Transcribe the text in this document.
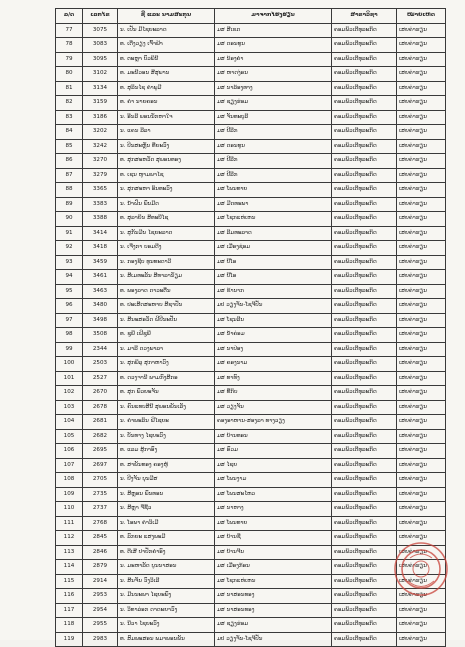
ລ/ດ	ເລກໄຂ	ຊື່ ແລະ ນາມສະກຸນ	ມາຈາກໄຮງຮຽນ	ສາຂາວິຊາ	ໝາຍເຫດ
77	3075	ນ. ເປັນ ມີໄຊຍະລາດ	ມສ ສີເຂດ	ຄອມພິວເຕີທຸລະກິດ	ເສຍຄ່າຮຽນ
78	3083	ທ. ເຕີ່ງວຽງ ເຈົ້າຟ້າ	ມສ ດອນທູນ	ຄອມພິວເຕີທຸລະກິດ	ເສຍຄ່າຮຽນ
79	3095	ທ. ຕະຫຼາ ບົວພິນີ	ມສ ນ້ອງຄຳ	ຄອມພິວເຕີທຸລະກິດ	ເສຍຄ່າຮຽນ
80	3102	ທ. ມະນີວອນ ສີສຸພານ	ມສ ຫາດງ່ອນ	ຄອມພິວເຕີທຸລະກິດ	ເສຍຄ່າຮຽນ
81	3134	ທ. ສຸລິນໄຊ ຄຳພູມີ	ມສ ນາລ້ອງທາງ	ຄອມພິວເຕີທຸລະກິດ	ເສຍຄ່າຮຽນ
82	3159	ທ. ຄຳ ນາຍຄອນ	ມສ ຊຽງຮ່ອມ	ຄອມພິວເຕີທຸລະກິດ	ເສຍຄ່າຮຽນ
83	3186	ນ. ອີນລີ ພອນນັກຫາໃຈ	ມສ ຈັນທະບູລີ	ຄອມພິວເຕີທຸລະກິດ	ເສຍຄ່າຮຽນ
84	3202	ນ. ແຄນ ລີລາ	ມສ ປີລີກ	ຄອມພິວເຕີທຸລະກິດ	ເສຍຄ່າຮຽນ
85	3242	ນ. ປິນສະຫຼັນ ທີ່ຍະວົງ	ມສ ດອນທູນ	ຄອມພິວເຕີທຸລະກິດ	ເສຍຄ່າຮຽນ
86	3270	ທ. ສຸກສະຫວັດ ສຸພອນທອງ	ມສ ປີລີກ	ຄອມພິວເຕີທຸລະກິດ	ເສຍຄ່າຮຽນ
87	3279	ທ. ເຊນ ຫູາມພາໄຊ	ມສ ປີລີກ	ຄອມພິວເຕີທຸລະກິດ	ເສຍຄ່າຮຽນ
88	3365	ນ. ສຸກສະຫາ ອິນທະວົງ	ມສ ໂພນທາຍ	ຄອມພິວເຕີທຸລະກິດ	ເສຍຄ່າຮຽນ
89	3383	ນ. ນ້ຳຝົນ ພົນມີດ	ມສ ມີດທະພາ	ຄອມພິວເຕີທຸລະກິດ	ເສຍຄ່າຮຽນ
90	3388	ທ. ສຸລາຍິນ ສີທະບີໄຊ	ມສ ໂຊກແຫ່ເຫນ	ຄອມພິວເຕີທຸລະກິດ	ເສຍຄ່າຮຽນ
91	3414	ນ. ສູກັນມີນ ໄຊຍະລາດ	ມສ ລີມທະລາດ	ຄອມພິວເຕີທຸລະກິດ	ເສຍຄ່າຮຽນ
92	3418	ນ. ເຈີ່ງກາ ບອມດີງ	ມສ ເມືອງຊ່ອມ	ຄອມພິວເຕີທຸລະກິດ	ເສຍຄ່າຮຽນ
93	3459	ນ. ກອງຊີບ ທູນທະດາວີ	ມສ ບີໂອ	ຄອມພິວເຕີທຸລະກິດ	ເສຍຄ່າຮຽນ
94	3461	ນ. ສີເມທະລັນ ສີທາລານັຽມ	ມສ ບີໂອ	ຄອມພິວເຕີທຸລະກິດ	ເສຍຄ່າຮຽນ
95	3463	ທ. ພອງລາດ ດາວະຕື່ນ	ມສ ຂ້ານາກ	ຄອມພິວເຕີທຸລະກິດ	ເສຍຄ່າຮຽນ
96	3480	ທ. ປະເສີດສະຫາບ ສີຊາປັນ	ມປ ວຽງຈັນ-ໂຊຈີປັນ	ຄອມພິວເຕີທຸລະກິດ	ເສຍຄ່າຮຽນ
97	3498	ນ. ສີນະສອວັດ ຝີປີນະປັນ	ມສ ໂຊນລີນ	ຄອມພິວເຕີທຸລະກິດ	ເສຍຄ່າຮຽນ
98	3508	ທ. ຊູພີ ເຝີຊູພີ	ມສ ນ້ຳຄ່ອມ	ຄອມພິວເຕີທຸລະກິດ	ເສຍຄ່າຮຽນ
99	2344	ນ. ມາລີ ດວງພາລາ	ມສ ນາປ່ອງ	ຄອມພິວເຕີທຸລະກິດ	ເສຍຄ່າຮຽນ
100	2503	ນ. ສຸກພິລຸ ສຸກາຫາວົງ	ມສ ຄອງນາມ	ຄອມພິວເຕີທຸລະກິດ	ເສຍຄ່າຮຽນ
101	2527	ທ. ດວງຈານີ ພາມກົງສີກອ	ມສ ທາທົງ	ຄອມພິວເຕີທຸລະກິດ	ເສຍຄ່າຮຽນ
102	2670	ທ. ສຸກ ພົວຍະຈັນ	ມສ ທີ່ກິບ	ຄອມພິວເຕີທຸລະກິດ	ເສຍຄ່າຮຽນ
103	2678	ນ. ຄົນແທບສີນີ ສຸພອນພັນເລັງ	ມສ ວຽງຈັນ	ຄອມພິວເຕີທຸລະກິດ	ເສຍຄ່າຮຽນ
104	2681	ນ. ຄຳພະລິນ ຝີໄຊຍະ	ຄອງອາຫານ-ສອງລາ ທາງວຽງ	ຄອມພິວເຕີທຸລະກິດ	ເສຍຄ່າຮຽນ
105	2682	ນ. ບັນທາງ ໄຊຍະວົງ	ມສ ບ້ານທອນ	ຄອມພິວເຕີທຸລະກິດ	ເສຍຄ່າຮຽນ
106	2695	ທ. ແລມ ສູ້ກາອົງ	ມສ ຣົວມ	ຄອມພິວເຕີທຸລະກິດ	ເສຍຄ່າຮຽນ
107	2697	ທ. ສາພັນທອງ ຄອງຫູ້	ມສ ໄຊຍ	ຄອມພິວເຕີທຸລະກິດ	ເສຍຄ່າຮຽນ
108	2705	ນ. ປີງຈັນ ບຸນມີສ	ມສ ໂພນງາມ	ຄອມພິວເຕີທຸລະກິດ	ເສຍຄ່າຮຽນ
109	2735	ນ. ສີຫຼອນ ພົນທອນ	ມສ ໂພນສະໄຫວ	ຄອມພິວເຕີທຸລະກິດ	ເສຍຄ່າຮຽນ
110	2737	ນ. ສີຫຼາ ຈີ່ຊີ້ວ	ມສ ນາຫາງ	ຄອມພິວເຕີທຸລະກິດ	ເສຍຄ່າຮຽນ
111	2768	ນ. ໂອພາ ຄຳວິເມີ	ມສ ໂພນທາຍ	ຄອມພິວເຕີທຸລະກິດ	ເສຍຄ່າຮຽນ
112	2845	ທ. ລົກຍະ ແສງພະມີ	ມສ ບ້ານຊີ່	ຄອມພິວເຕີທຸລະກິດ	ເສຍຄ່າຮຽນ
113	2846	ທ. ຕີເສີ ປາປັກຄຳອົງ	ມສ ບ້ານຈີນ	ຄອມພິວເຕີທຸລະກິດ	ເສຍຄ່າຮຽນ
114	2879	ນ. ມະຫາລັດ ບູນນາສອນ	ມສ ເມືອງກ້ອນ	ຄອມພິວເຕີທຸລະກິດ	ເສຍຄ່າຮຽນ
115	2914	ນ. ສີນຈັນ ວົງວິເລີ	ມສ ໂຊກແຫ່ເຫນ	ຄອມພິວເຕີທຸລະກິດ	ເສຍຄ່າຮຽນ
116	2953	ນ. ມີນນະພາ ໄຊຍະພົງ	ມສ ນາສອນທອງ	ຄອມພິວເຕີທຸລະກິດ	ເສຍຄ່າຮຽນ
117	2954	ນ. ວິທາລ່ອກ ດາດະຍາວົງ	ມສ ນາສອນທອງ	ຄອມພິວເຕີທຸລະກິດ	ເສຍຄ່າຮຽນ
118	2955	ນ. ນີວາ ໄຊຍະວົງ	ມສ ຊຽງຮ່ອມ	ຄອມພິວເຕີທຸລະກິດ	ເສຍຄ່າຮຽນ
119	2983	ທ. ສົມພະສອນ ພມາພອນພັນ	ມປ ວຽງຈັນ-ໂຊຈີປັນ	ຄອມພິວເຕີທຸລະກິດ	ເສຍຄ່າຮຽນ
